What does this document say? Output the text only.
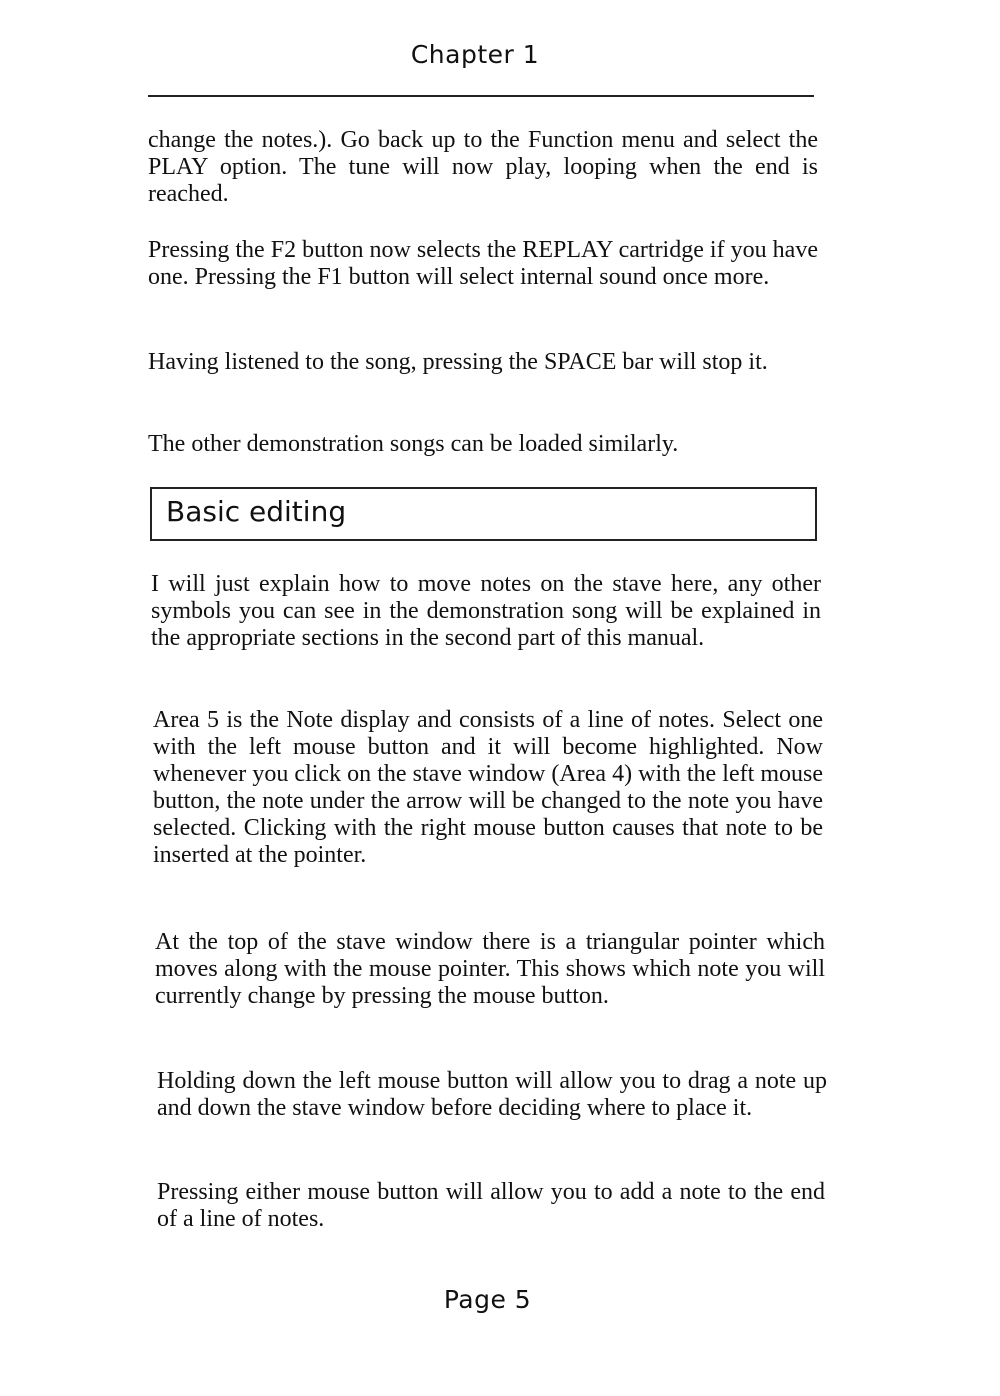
Chapter 1

change the notes.). Go back up to the Function menu and select the PLAY option. The tune will now play, looping when the end is reached.

Pressing the F2 button now selects the REPLAY cartridge if you have one. Pressing the F1 button will select internal sound once more.

Having listened to the song, pressing the SPACE bar will stop it.

The other demonstration songs can be loaded similarly.

Basic editing

I will just explain how to move notes on the stave here, any other symbols you can see in the demonstration song will be explained in the appropriate sections in the second part of this manual.

Area 5 is the Note display and consists of a line of notes. Select one with the left mouse button and it will become highlighted. Now whenever you click on the stave window (Area 4) with the left mouse button, the note under the arrow will be changed to the note you have selected. Clicking with the right mouse button causes that note to be inserted at the pointer.

At the top of the stave window there is a triangular pointer which moves along with the mouse pointer. This shows which note you will currently change by pressing the mouse button.

Holding down the left mouse button will allow you to drag a note up and down the stave window before deciding where to place it.

Pressing either mouse button will allow you to add a note to the end of a line of notes.

Page 5
